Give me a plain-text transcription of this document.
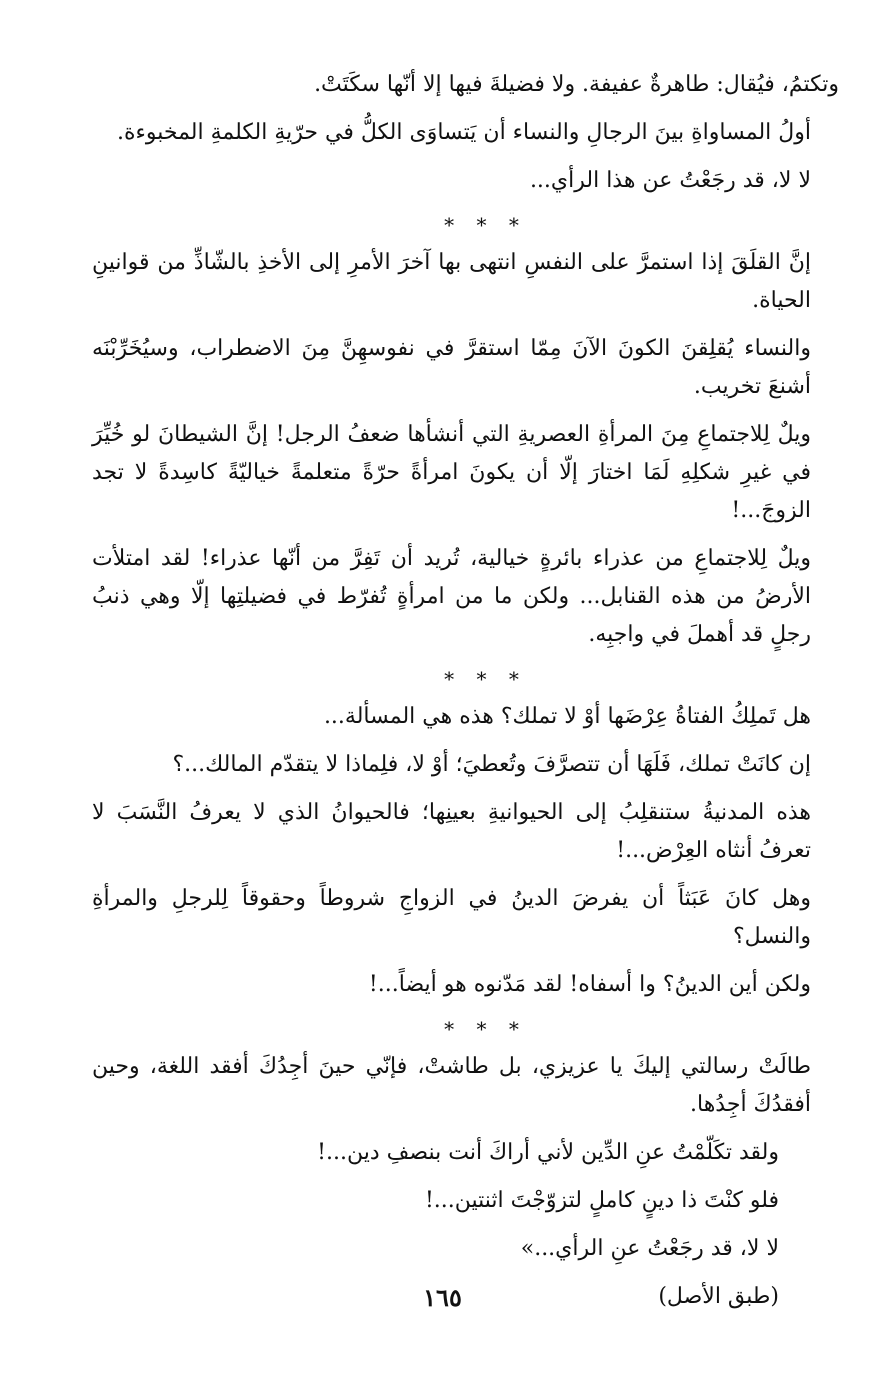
وتكتمُ، فيُقال: طاهرةٌ عفيفة. ولا فضيلةَ فيها إلا أنّها سكَتَتْ.

أولُ المساواةِ بينَ الرجالِ والنساء أن يَتساوَى الكلُّ في حرّيةِ الكلمةِ المخبوءة.

لا لا، قد رجَعْتُ عن هذا الرأي...

* * *

إنَّ القلَقَ إذا استمرَّ على النفسِ انتهى بها آخرَ الأمرِ إلى الأخذِ بالشّاذِّ من قوانينِ الحياة.

والنساء يُقلِقنَ الكونَ الآنَ مِمّا استقرَّ في نفوسهِنَّ مِنَ الاضطراب، وسيُخَرِّبْنَه أشنعَ تخريب.

ويلٌ لِلاجتماعِ مِنَ المرأةِ العصريةِ التي أنشأها ضعفُ الرجل! إنَّ الشيطانَ لو خُيِّرَ في غيرِ شكلِهِ لَمَا اختارَ إلّا أن يكونَ امرأةً حرّةً متعلمةً خياليّةً كاسِدةً لا تجد الزوجَ...!

ويلٌ لِلاجتماعِ من عذراء بائرةٍ خيالية، تُريد أن تَفِرَّ من أنّها عذراء! لقد امتلأت الأرضُ من هذه القنابل... ولكن ما من امرأةٍ تُفرّط في فضيلتِها إلّا وهي ذنبُ رجلٍ قد أهملَ في واجبِه.

* * *

هل تَملِكُ الفتاةُ عِرْضَها أوْ لا تملك؟ هذه هي المسألة...

إن كانَتْ تملك، فَلَهَا أن تتصرَّفَ وتُعطيَ؛ أوْ لا، فلِماذا لا يتقدّم المالك...؟

هذه المدنيةُ ستنقلِبُ إلى الحيوانيةِ بعينِها؛ فالحيوانُ الذي لا يعرفُ النَّسَبَ لا تعرفُ أنثاه العِرْض...!

وهل كانَ عَبَثاً أن يفرضَ الدينُ في الزواجِ شروطاً وحقوقاً لِلرجلِ والمرأةِ والنسل؟

ولكن أين الدينُ؟ وا أسفاه! لقد مَدّنوه هو أيضاً...!

* * *

طالَتْ رسالتي إليكَ يا عزيزي، بل طاشتْ، فإنّي حينَ أجِدُكَ أفقد اللغة، وحين أفقدُكَ أجِدُها.

ولقد تكَلّمْتُ عنِ الدِّين لأني أراكَ أنت بنصفِ دين...!

فلو كنْتَ ذا دينٍ كاملٍ لتزوّجْتَ اثنتين...!

لا لا، قد رجَعْتُ عنِ الرأي...»

(طبق الأصل)

١٦٥
